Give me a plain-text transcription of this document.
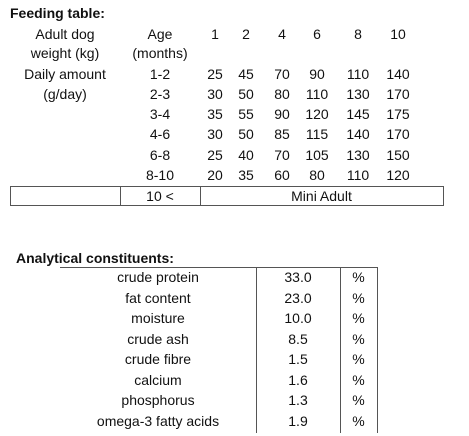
Feeding table:
Adult dog
weight (kg)
Daily amount
(g/day)
Age
(months)
1	2	4	6	8	10
1-2	25	45	70	90	110	140
2-3	30	50	80	110	130	170
3-4	35	55	90	120	145	175
4-6	30	50	85	115	140	170
6-8	25	40	70	105	130	150
8-10	20	35	60	80	110	120
10 <	Mini Adult
Analytical constituents:
crude protein	33.0	%
fat content	23.0	%
moisture	10.0	%
crude ash	8.5	%
crude fibre	1.5	%
calcium	1.6	%
phosphorus	1.3	%
omega-3 fatty acids	1.9	%
